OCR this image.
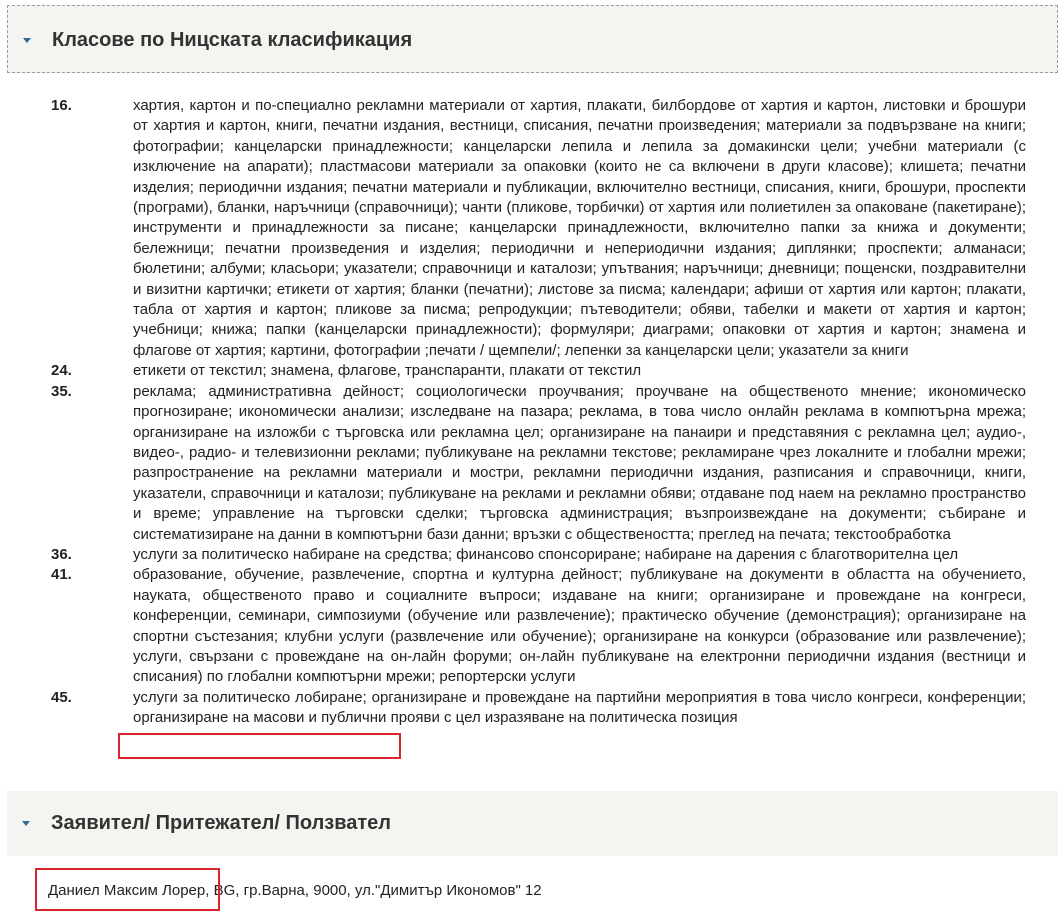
Класове по Ницската класификация
16.	хартия, картон и по-специално рекламни материали от хартия, плакати, билбордове от хартия и картон, листовки и брошури от хартия и картон, книги, печатни издания, вестници, списания, печатни произведения; материали за подвързване на книги; фотографии; канцеларски принадлежности; канцеларски лепила и лепила за домакински цели; учебни материали (с изключение на апарати); пластмасови материали за опаковки (които не са включени в други класове); клишета; печатни изделия; периодични издания; печатни материали и публикации, включително вестници, списания, книги, брошури, проспекти (програми), бланки, наръчници (справочници); чанти (пликове, торбички) от хартия или полиетилен за опаковане (пакетиране); инструменти и принадлежности за писане; канцеларски принадлежности, включително папки за книжа и документи; бележници; печатни произведения и изделия; периодични и непериодични издания; диплянки; проспекти; алманаси; бюлетини; албуми; класьори; указатели; справочници и каталози; упътвания; наръчници; дневници; пощенски, поздравителни и визитни картички; етикети от хартия; бланки (печатни); листове за писма; календари; афиши от хартия или картон; плакати, табла от хартия и картон; пликове за писма; репродукции; пътеводители; обяви, табелки и макети от хартия и картон; учебници; книжа; папки (канцеларски принадлежности); формуляри; диаграми; опаковки от хартия и картон; знамена и флагове от хартия; картини, фотографии ;печати / щемпели/; лепенки за канцеларски цели; указатели за книги
24.	етикети от текстил; знамена, флагове, транспаранти, плакати от текстил
35.	реклама; административна дейност; социологически проучвания; проучване на общественото мнение; икономическо прогнозиране; икономически анализи; изследване на пазара; реклама, в това число онлайн реклама в компютърна мрежа; организиране на изложби с търговска или рекламна цел; организиране на панаири и представяния с рекламна цел; аудио-, видео-, радио- и телевизионни реклами; публикуване на рекламни текстове; рекламиране чрез локалните и глобални мрежи; разпространение на рекламни материали и мостри, рекламни периодични издания, разписания и справочници, книги, указатели, справочници и каталози; публикуване на реклами и рекламни обяви; отдаване под наем на рекламно пространство и време; управление на търговски сделки; търговска администрация; възпроизвеждане на документи; събиране и систематизиране на данни в компютърни бази данни; връзки с обществеността; преглед на печата; текстообработка
36.	услуги за политическо набиране на средства; финансово спонсориране; набиране на дарения с благотворителна цел
41.	образование, обучение, развлечение, спортна и културна дейност; публикуване на документи в областта на обучението, науката, общественото право и социалните въпроси; издаване на книги; организиране и провеждане на конгреси, конференции, семинари, симпозиуми (обучение или развлечение); практическо обучение (демонстрация); организиране на спортни състезания; клубни услуги (развлечение или обучение); организиране на конкурси (образование или развлечение); услуги, свързани с провеждане на он-лайн форуми; он-лайн публикуване на електронни периодични издания (вестници и списания) по глобални компютърни мрежи; репортерски услуги
45.	услуги за политическо лобиране; организиране и провеждане на партийни мероприятия в това число конгреси, конференции; организиране на масови и публични прояви с цел изразяване на политическа позиция
Заявител/ Притежател/ Ползвател
Даниел Максим Лорер, BG, гр.Варна, 9000, ул."Димитър Икономов" 12
